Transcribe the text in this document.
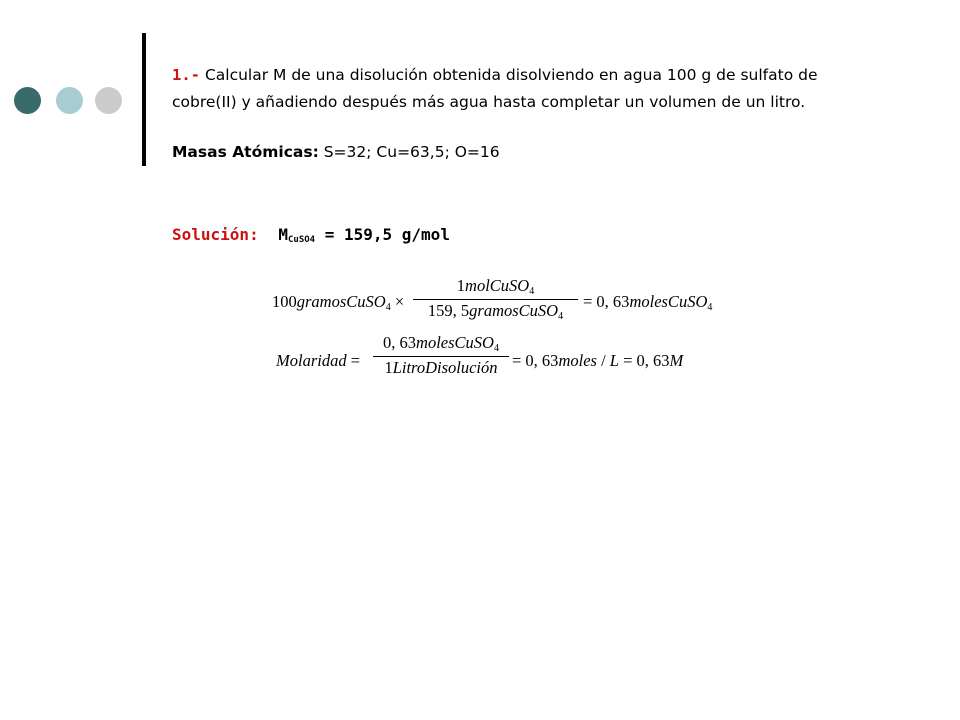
1.- Calcular M de una disolución obtenida disolviendo en agua 100 g de sulfato de cobre(II) y añadiendo después más agua hasta completar un volumen de un litro.

Masas Atómicas: S=32; Cu=63,5; O=16
Solución: $M_{CuSO4} = 159,5$ g/mol
100gramosCuSO$_4$ ×
1molCuSO$_4$
159, 5gramosCuSO$_4$
= 0, 63molesCuSO$_4$
Molaridad =
0, 63molesCuSO$_4$
1LitroDisolución = 0, 63moles / L = 0, 63M
